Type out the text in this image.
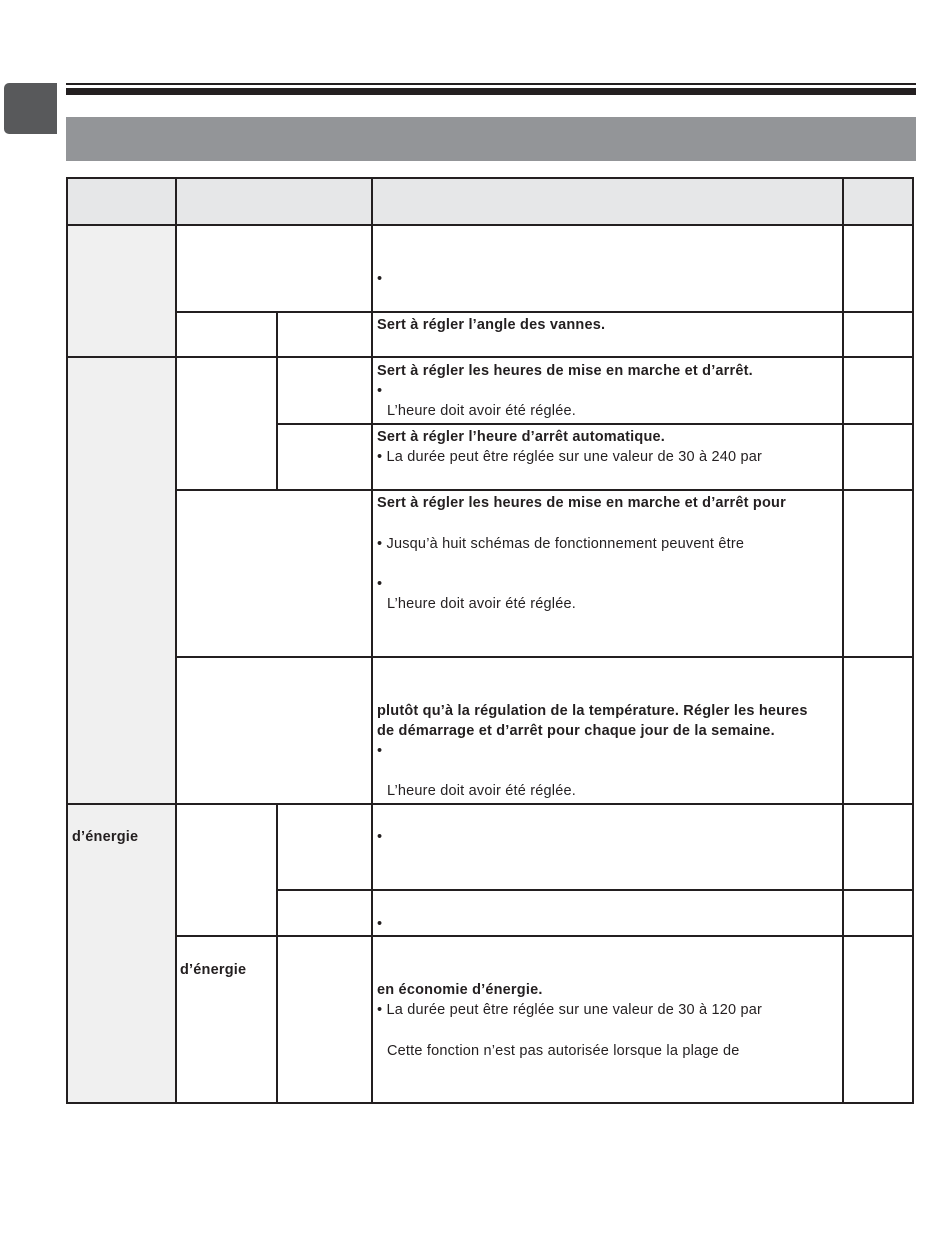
•
Sert à régler l’angle des vannes.
Sert à régler les heures de mise en marche et d’arrêt.
•
L’heure doit avoir été réglée.
Sert à régler l’heure d’arrêt automatique.
• La durée peut être réglée sur une valeur de 30 à 240 par
Sert à régler les heures de mise en marche et d’arrêt pour
• Jusqu’à huit schémas de fonctionnement peuvent être
•
L’heure doit avoir été réglée.
plutôt qu’à la régulation de la température. Régler les heures
de démarrage et d’arrêt pour chaque jour de la semaine.
•
L’heure doit avoir été réglée.
d’énergie	•
•
d’énergie
en économie d’énergie.
• La durée peut être réglée sur une valeur de 30 à 120 par
Cette fonction n’est pas autorisée lorsque la plage de
